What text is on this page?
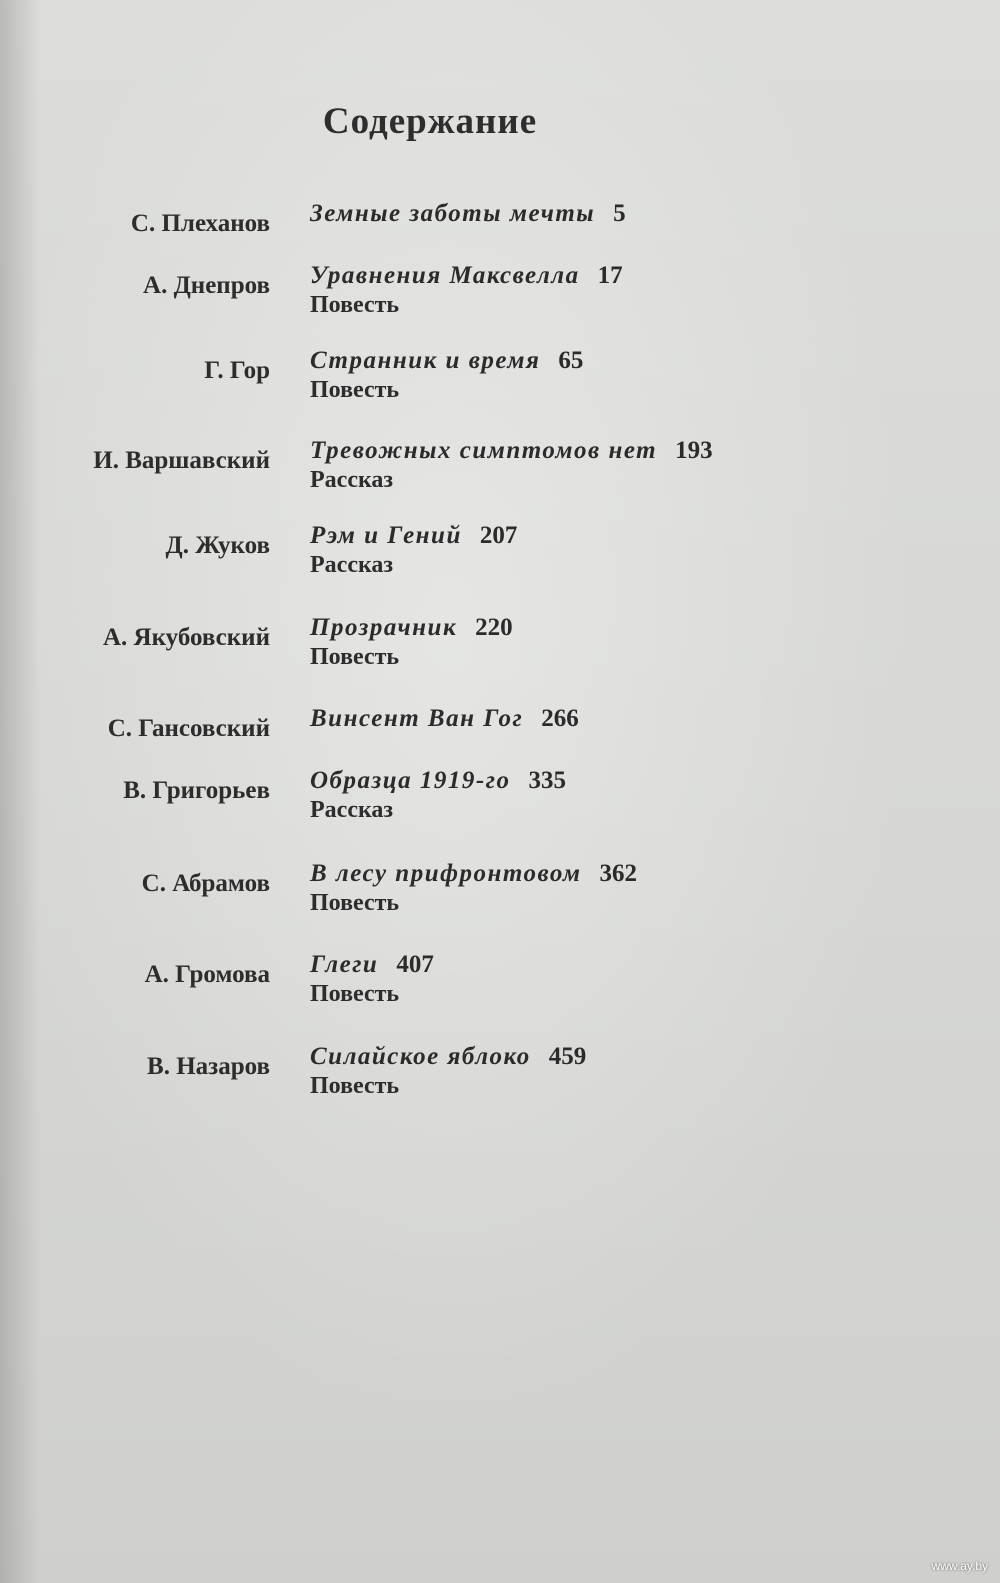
Содержание
С. Плеханов Земные заботы мечты 5
А. Днепров Уравнения Максвелла 17
Повесть
Г. Гор Странник и время 65
Повесть
И. Варшавский Тревожных симптомов нет 193
Рассказ
Д. Жуков Рэм и Гений 207
Рассказ
А. Якубовский Прозрачник 220
Повесть
С. Гансовский Винсент Ван Гог 266
В. Григорьев Образца 1919-го 335
Рассказ
С. Абрамов В лесу прифронтовом 362
Повесть
А. Громова Глеги 407
Повесть
В. Назаров Силайское яблоко 459
Повесть
www.ay.by
